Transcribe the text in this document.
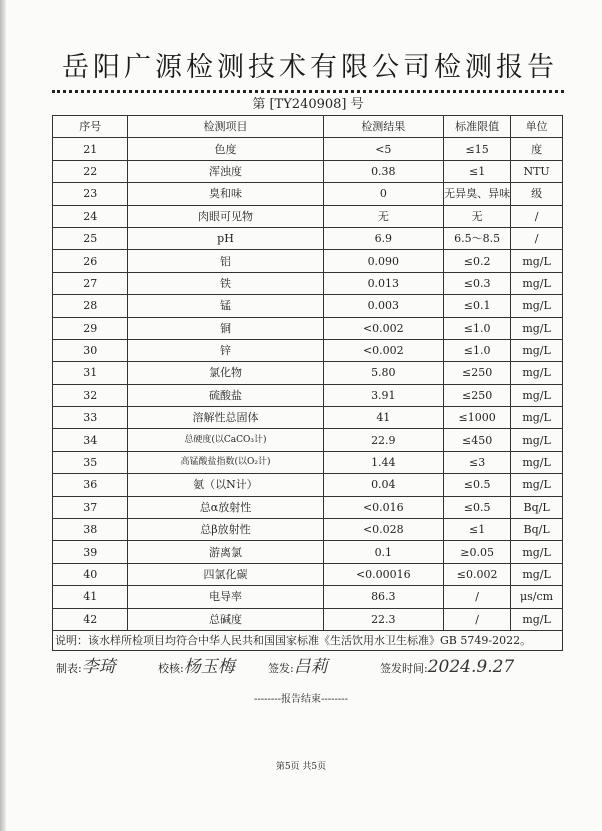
岳阳广源检测技术有限公司检测报告
第 [TY240908] 号
序号	检测项目	检测结果	标准限值	单位
21	色度	<5	≤15	度
22	浑浊度	0.38	≤1	NTU
23	臭和味	0	无异臭、异味	级
24	肉眼可见物	无	无	/
25	pH	6.9	6.5～8.5	/
26	铝	0.090	≤0.2	mg/L
27	铁	0.013	≤0.3	mg/L
28	锰	0.003	≤0.1	mg/L
29	铜	<0.002	≤1.0	mg/L
30	锌	<0.002	≤1.0	mg/L
31	氯化物	5.80	≤250	mg/L
32	硫酸盐	3.91	≤250	mg/L
33	溶解性总固体	41	≤1000	mg/L
34	总硬度(以CaCO₃计)	22.9	≤450	mg/L
35	高锰酸盐指数(以O₂计)	1.44	≤3	mg/L
36	氨（以N计）	0.04	≤0.5	mg/L
37	总α放射性	<0.016	≤0.5	Bq/L
38	总β放射性	<0.028	≤1	Bq/L
39	游离氯	0.1	≥0.05	mg/L
40	四氯化碳	<0.00016	≤0.002	mg/L
41	电导率	86.3	/	μs/cm
42	总碱度	22.3	/	mg/L
说明：该水样所检项目均符合中华人民共和国国家标准《生活饮用水卫生标准》GB 5749-2022。				
制表:李琦	校核:杨玉梅	签发:吕莉	签发时间:2024.9.27
--------报告结束--------
第5页 共5页
